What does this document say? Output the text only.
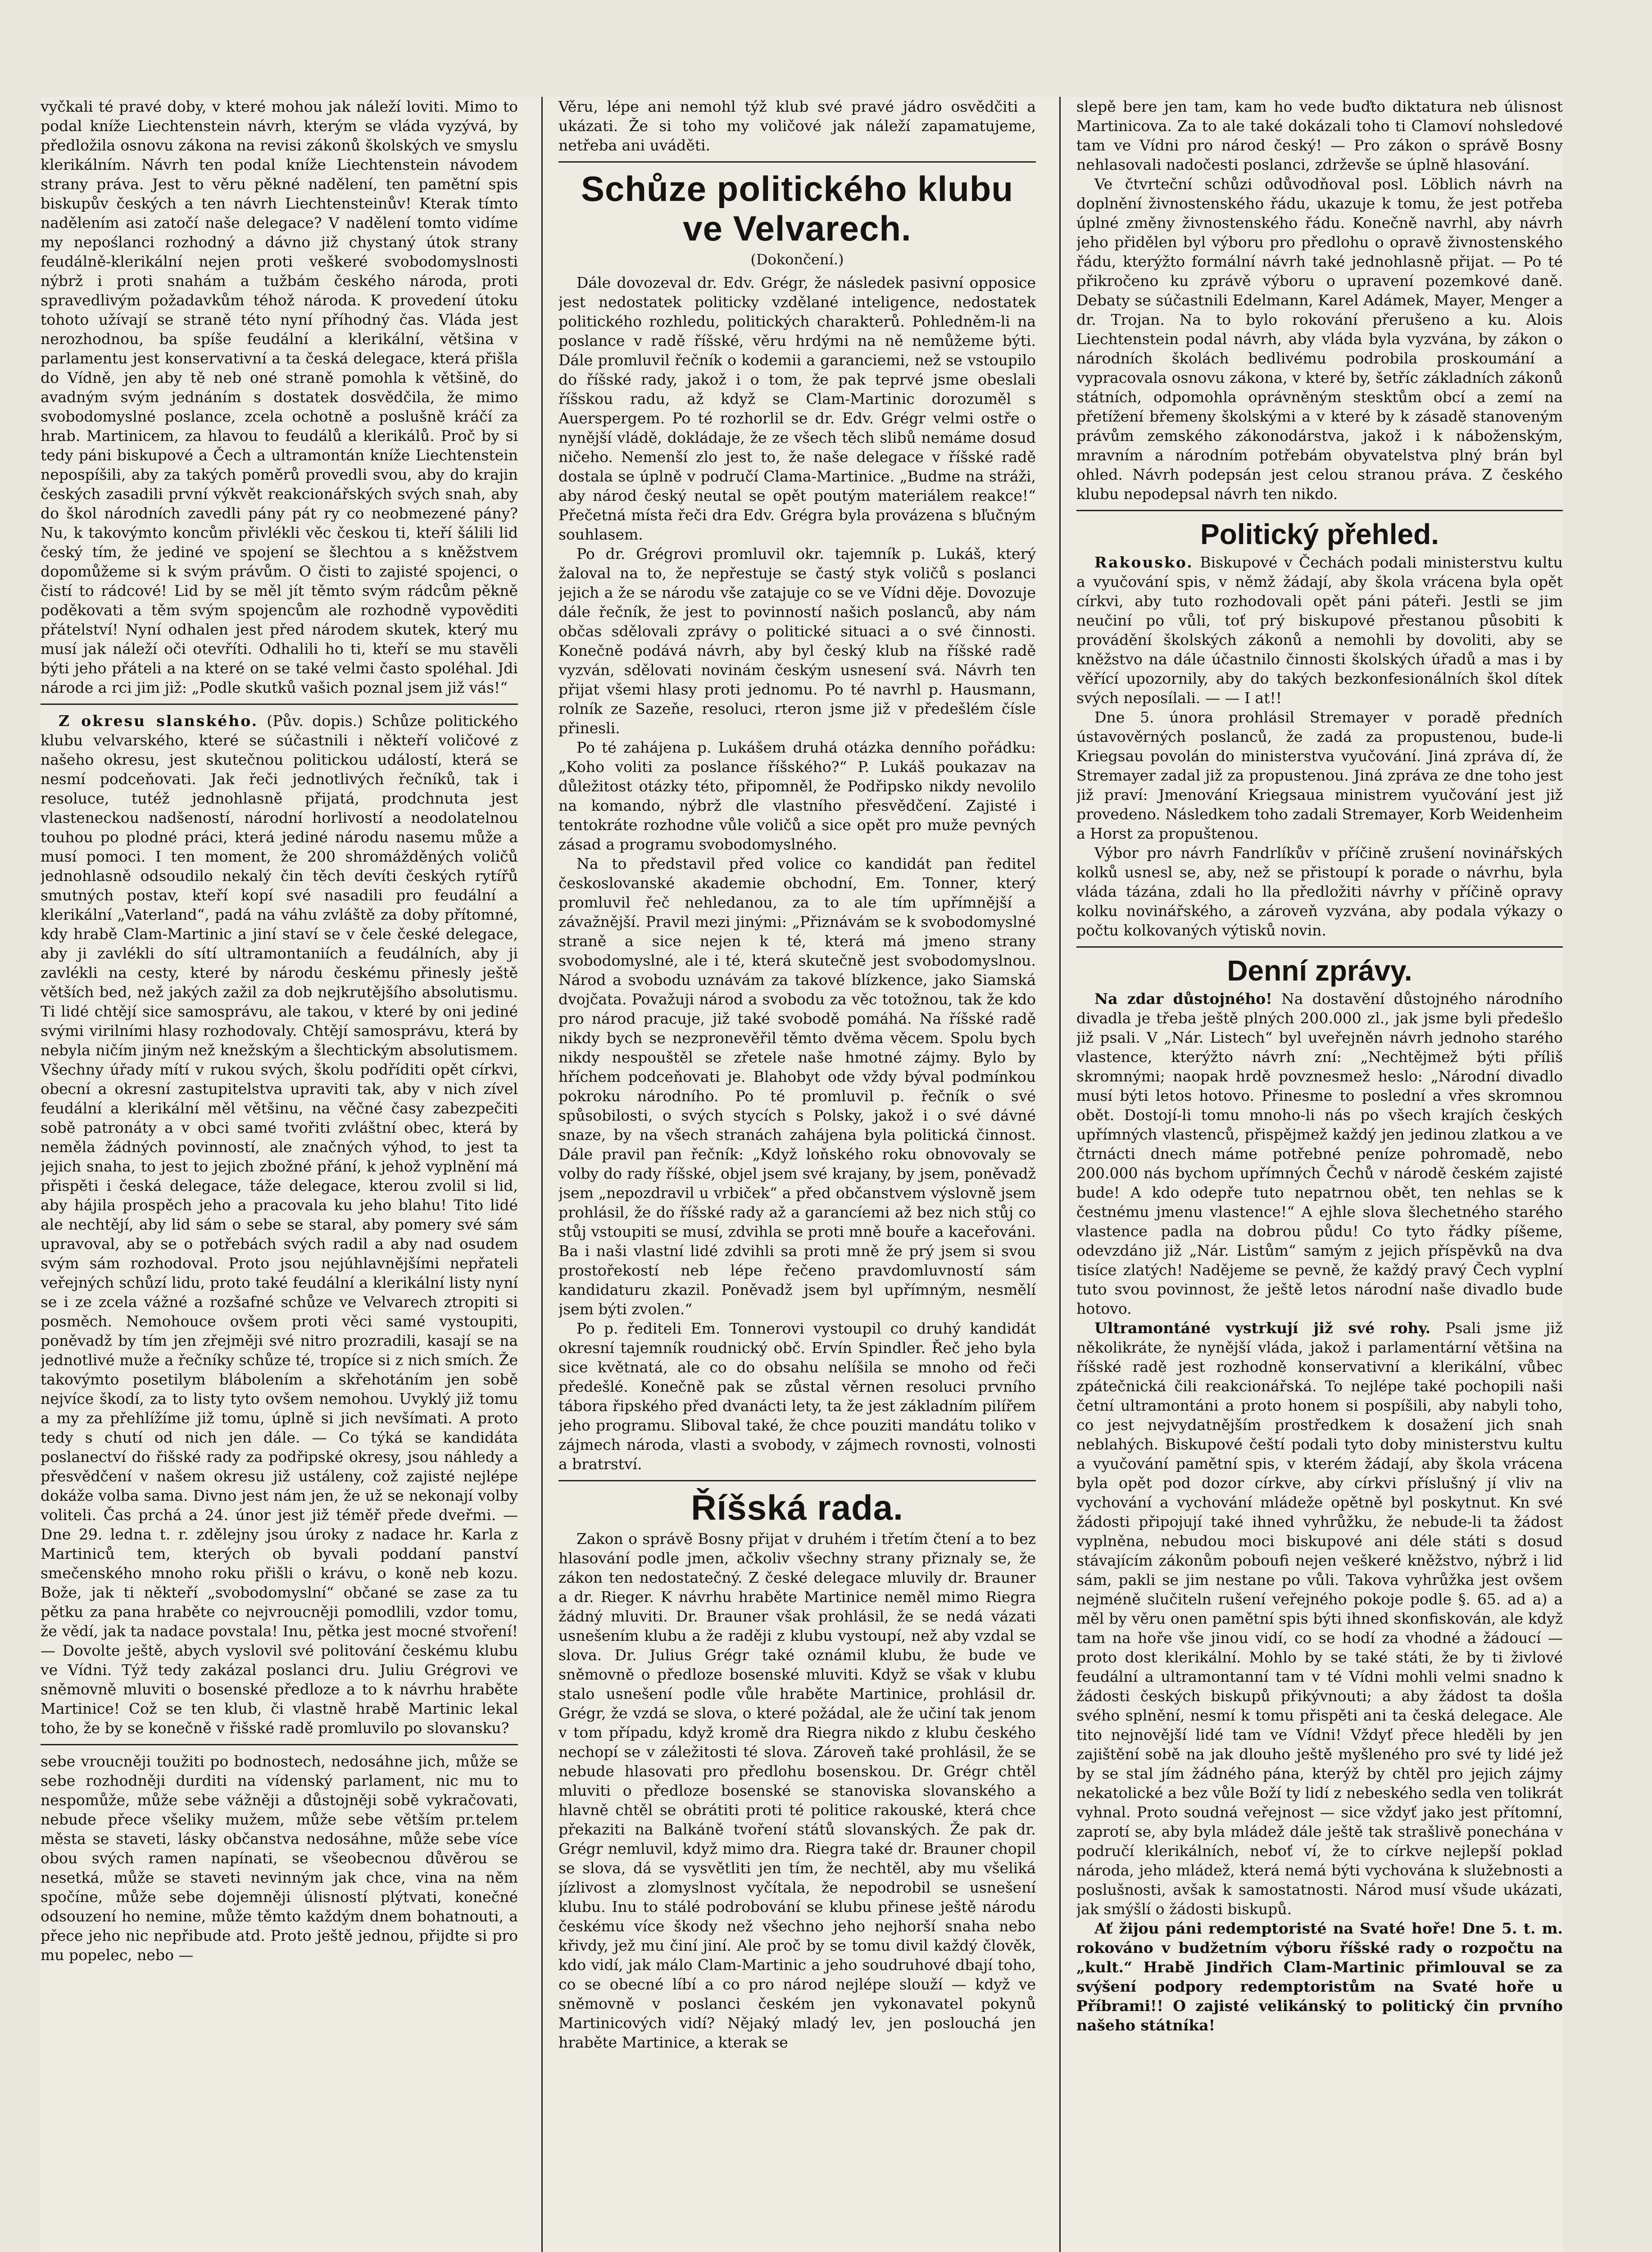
vyčkali té pravé doby, v které mohou jak náleží loviti. Mimo to podal kníže Liechtenstein návrh, kterým se vláda vyzývá, by předložila osnovu zákona na revisi zákonů školských ve smyslu klerikálním. Návrh ten podal kníže Liechtenstein návodem strany práva. Jest to věru pěkné nadělení, ten pamětní spis biskupův českých a ten návrh Liechtensteinův! Kterak tímto nadělením asi zatočí naše delegace? V nadělení tomto vidíme my nepoślanci rozhodný a dávno již chystaný útok strany feudálně-klerikální nejen proti veškeré svobodomyslnosti nýbrž i proti snahám a tužbám českého národa, proti spravedlivým požadavkům téhož národa. K provedení útoku tohoto užívají se straně této nyní příhodný čas. Vláda jest nerozhodnou, ba spíše feudální a klerikální, většina v parlamentu jest konservativní a ta česká delegace, která přišla do Vídně, jen aby tě neb oné straně pomohla k většině, do avadným svým jednáním s dostatek dosvědčila, že mimo svobodomyslné poslance, zcela ochotně a poslušně kráčí za hrab. Martinicem, za hlavou to feudálů a klerikálů. Proč by si tedy páni biskupové a Čech a ultramontán kníže Liechtenstein nepospíšili, aby za takých poměrů provedli svou, aby do krajin českých zasadili první výkvět reakcionářských svých snah, aby do škol národních zavedli pány pát ry co neobmezené pány? Nu, k takovýmto koncům přivlékli věc českou ti, kteří šálili lid český tím, že jediné ve spojení se šlechtou a s kněžstvem dopomůžeme si k svým právům. O čisti to zajisté spojenci, o čistí to rádcové! Lid by se měl jít těmto svým rádcům pěkně poděkovati a těm svým spojencům ale rozhodně vypověditi přátelství! Nyní odhalen jest před národem skutek, který mu musí jak náleží oči otevříti. Odhalili ho ti, kteří se mu stavěli býti jeho přáteli a na které on se také velmi často spoléhal. Jdi národe a rci jim již: „Podle skutků vašich poznal jsem již vás!“

Z okresu slanského. (Pův. dopis.) Schůze politického klubu velvarského, které se súčastnili i někteří voličové z našeho okresu, jest skutečnou politickou událostí, která se nesmí podceňovati. Jak řeči jednotlivých řečníků, tak i resoluce, tutéž jednohlasně přijatá, prodchnuta jest vlastenеckou nadšeností, národní horlivostí a neodolatelnou touhou po plodné práci, která jediné národu nasemu může a musí pomoci. I ten moment, že 200 shromážděných voličů jednohlasně odsoudilo nekalý čin těch devíti českých rytířů smutných postav, kteří kopí své nasadili pro feudální a klerikální „Vaterland“, padá na váhu zvláště za doby přítomné, kdy hrabě Clam-Martinic a jiní staví se v čele české delegace, aby ji zavlékli do sítí ultramontaniích a feudálních, aby ji zavlékli na cesty, které by národu českému přinesly ještě větších bed, než jakých zažil za dob nejkrutějšího absolutismu. Ti lidé chtějí sice samosprávu, ale takou, v které by oni jediné svými virilními hlasy rozhodovaly. Chtějí samosprávu, která by nebyla ničím jiným než knežským a šlechtickým absolutismem. Všechny úřady mítí v rukou svých, školu podříditi opět církvi, obecní a okresní zastupitelstva upraviti tak, aby v nich zível feudální a klerikální měl většinu, na věčné časy zabezpečiti sobě patronáty a v obci samé tvořiti zvláštní obec, která by neměla žádných povinností, ale značných výhod, to jest ta jejich snaha, to jest to jejich zbožné přání, k jehož vyplnění má přispěti i česká delegace, táže delegace, kterou zvolil si lid, aby hájila prospěch jeho a pracovala ku jeho blahu! Tito lidé ale nechtějí, aby lid sám o sebe se staral, aby pomery své sám upravoval, aby se o potřebách svých radil a aby nad osudem svým sám rozhodoval. Proto jsou nejúhlavnějšími nepřateli veřejných schůzí lidu, proto také feudální a klerikální listy nyní se i ze zcela vážné a rozšafné schůze ve Velvarech ztropiti si posměch. Nemohouce ovšem proti věci samé vystoupiti, poněvadž by tím jen zřejměji své nitro prozradili, kasají se na jednotlivé muže a řečníky schůze té, tropíce si z nich smích. Že takovýmto posetilym blábolením a skřehotáním jen sobě nejvíce škodí, za to listy tyto ovšem nemohou. Uvyklý již tomu a my za přehlížíme již tomu, úplně si jich nevšímati. A proto tedy s chutí od nich jen dále. — Co týká se kandidáta poslanectví do řišské rady za podřipské okresy, jsou náhledy a přesvědčení v našem okresu již ustáleny, což zajisté nejlépe dokáže volba sama. Divno jest nám jen, že už se nekonají volby voliteli. Čas prchá a 24. únor jest již téměř přede dveřmi. — Dne 29. ledna t. r. zdělejny jsou úroky z nadace hr. Karla z Martiniců tem, kterých ob byvali poddaní panství smečenského mnoho roku přišli o krávu, o koně neb kozu. Bože, jak ti někteří „svobodomyslní“ občané se zase za tu pětku za pana hraběte co nejvroucněji pomodlili, vzdor tomu, že vědí, jak ta nadace povstala! Inu, pětka jest mocné stvoření! — Dovolte ještě, abych vyslovil své politování českému klubu ve Vídni. Týž tedy zakázal poslanci dru. Juliu Grégrovi ve sněmovně mluviti o bosenské předloze a to k návrhu hraběte Martinice! Což se ten klub, či vlastně hrabě Martinic lekal toho, že by se konečně v řišské radě promluvilo po slovansku?

sebe vroucněji toužiti po bodnostech, nedosáhne jich, může se sebe rozhodněji durditi na vídenský parlament, nic mu to nespomůže, může sebe vážněji a důstojněji sobě vykračovati, nebude přece všeliky mužem, může sebe větším pr.telem města se staveti, lásky občanstva nedosáhne, může sebe více obou svých ramen napínati, se všeobecnou důvěrou se nesetká, může se staveti nevinným jak chce, vina na něm spočíne, může sebe dojemněji úlisností plýtvati, konečné odsouzení ho nemine, může těmto každým dnem bohatnouti, a přece jeho nic nepřibude atd. Proto ještě jednou, přijdte si pro mu popelec, nebo —

Věru, lépe ani nemohl týž klub své pravé jádro osvědčiti a ukázati. Že si toho my voličové jak náleží zapamatujeme, netřeba ani uváděti.

Schůze politického klubu ve Velvarech.
(Dokončení.)

Dále dovozeval dr. Edv. Grégr, že následek pasivní opposice jest nedostatek politicky vzdělané inteligence, nedostatek politického rozhledu, politických charakterů. Pohledněm-li na poslance v radě říšské, věru hrdými na ně nemůžeme býti. Dále promluvil řečník o kodemii a garanciemi, než se vstoupilo do říšské rady, jakož i o tom, že pak teprvé jsme obeslali říšskou radu, až když se Clam-Martinic dorozuměl s Auerspergem. Po té rozhorlil se dr. Edv. Grégr velmi ostře o nynější vládě, dokládaje, že ze všech těch slibů nemáme dosud ničeho. Nemenší zlo jest to, že naše delegace v říšské radě dostala se úplně v područí Clama-Martinice. „Budme na stráži, aby národ český neutal se opět poutým materiálem reakce!“ Přečetná místa řeči dra Edv. Grégra byla provázena s bľučným souhlasem.

Po dr. Grégrovi promluvil okr. tajemník p. Lukáš, který žaloval na to, že nepřestuje se častý styk voličů s poslanci jejich a že se národu vše zatajuje co se ve Vídni děje. Dovozuje dále řečník, že jest to povinností našich poslanců, aby nám občas sdělovali zprávy o politické situaci a o své činnosti. Konečně podává návrh, aby byl český klub na říšské radě vyzván, sdělovati novinám českým usnesení svá. Návrh ten přijat všemi hlasy proti jednomu. Po té navrhl p. Hausmann, rolník ze Sazeňe, resoluci, rteron jsme již v předešlém čísle přinesli.

Po té zahájena p. Lukášem druhá otázka denního pořádku: „Koho voliti za poslance říšského?“ P. Lukáš poukazav na důležitost otázky této, připomněl, že Podřipsko nikdy nevolilo na komando, nýbrž dle vlastního přesvědčení. Zajisté i tentokráte rozhodne vůle voličů a sice opět pro muže pevných zásad a programu svobodomyslného.

Na to představil před volice co kandidát pan ředitel českoslovanské akademie obchodní, Em. Tonner, který promluvil řeč nehledanou, za to ale tím upřímnější a závažnější. Pravil mezi jinými: „Přiznávám se k svobodomyslné straně a sice nejen k té, která má jmeno strany svobodomyslné, ale i té, která skutečně jest svobodomyslnou. Národ a svobodu uznávám za takové blízkence, jako Siamská dvojčata. Považuji národ a svobodu za věc totožnou, tak že kdo pro národ pracuje, již také svobodě pomáhá. Na říšské radě nikdy bych se nezpronevěřil těmto dvěma věcem. Spolu bych nikdy nespouštěl se zřetele naše hmotné zájmy. Bylo by hříchem podceňovati je. Blahobyt ode vždy býval podmínkou pokroku národního. Po té promluvil p. řečník o své spůsobilosti, o svých stycích s Polsky, jakož i o své dávné snaze, by na všech stranách zahájena byla politická činnost. Dále pravil pan řečník: „Když loňského roku obnovovaly se volby do rady říšské, objel jsem své krajany, by jsem, poněvadž jsem „nepozdravil u vrbiček“ a před občanstvem výslovně jsem prohlásil, že do říšské rady až a garancíemi až bez nich stůj co stůj vstoupiti se musí, zdvihla se proti mně bouře a kaceřováni. Ba i naši vlastní lidé zdvihli sa proti mně že prý jsem si svou prostořekostí neb lépe řečeno pravdomluvností sám kandidaturu zkazil. Poněvadž jsem byl upřímným, nesmělí jsem býti zvolen.“

Po p. řediteli Em. Tonnerovi vystoupil co druhý kandidát okresní tajemník roudnický obč. Ervín Spindler. Řeč jeho byla sice květnatá, ale co do obsahu nelíšila se mnoho od řeči předešlé. Konečně pak se zůstal věrnen resoluci prvního tábora řipského před dvanácti lety, ta že jest základním pilířem jeho programu. Sliboval také, že chce pouziti mandátu toliko v zájmech národa, vlasti a svobody, v zájmech rovnosti, volnosti a bratrství.

Říšská rada.

Zakon o správě Bosny přijat v druhém i třetím čtení a to bez hlasování podle jmen, ačkoliv všechny strany přiznaly se, že zákon ten nedostatečný. Z české delegace mluvily dr. Brauner a dr. Rieger. K návrhu hraběte Martinice neměl mimo Riegra žádný mluviti. Dr. Brauner však prohlásil, že se nedá vázati usnešením klubu a že raději z klubu vystoupí, než aby vzdal se slova. Dr. Julius Grégr také oznámil klubu, že bude ve sněmovně o předloze bosenské mluviti. Když se však v klubu stalo usnešení podle vůle hraběte Martinice, prohlásil dr. Grégr, že vzdá se slova, o které požádal, ale že učiní tak jenom v tom případu, když kromě dra Riegra nikdo z klubu českého nechopí se v záležitosti té slova. Zároveň také prohlásil, že se nebude hlasovati pro předlohu bosenskou. Dr. Grégr chtěl mluviti o předloze bosenské se stanoviska slovanského a hlavně chtěl se obrátiti proti té politice rakouské, která chce překaziti na Balkáně tvoření států slovanských. Že pak dr. Grégr nemluvil, když mimo dra. Riegra také dr. Brauner chopil se slova, dá se vysvětliti jen tím, že nechtěl, aby mu všeliká jízlivost a zlomyslnost vyčítala, že nepodrobil se usnešení klubu. Inu to stálé podrobování se klubu přinese ještě národu českému více škody než všechno jeho nejhorší snaha nebo křivdy, jež mu činí jiní. Ale proč by se tomu divil každý člověk, kdo vidí, jak málo Clam-Martinic a jeho soudruhové dbají toho, co se obecné líbí a co pro národ nejlépe slouží — když ve sněmovně v poslanci českém jen vykonavatel pokynů Martinicových vidí? Nějaký mladý lev, jen poslouchá jen hraběte Martinice, a kterak se

slepě bere jen tam, kam ho vede buďto diktatura neb úlisnost Martinicova. Za to ale také dokázali toho ti Clamoví nohsledové tam ve Vídni pro národ český! — Pro zákon o správě Bosny nehlasovali nadočesti poslanci, zdrževše se úplně hlasování.

Ve čtvrteční schůzi odůvodňoval posl. Löblich návrh na doplnění živnostenského řádu, ukazuje k tomu, že jest potřeba úplné změny živnostenského řádu. Konečně navrhl, aby návrh jeho přidělen byl výboru pro předlohu o opravě živnostenského řádu, kterýžto formální návrh také jednohlasně přijat. — Po té přikročeno ku zprávě výboru o upravení pozemkové daně. Debaty se súčastnili Edelmann, Karel Adámek, Mayer, Menger a dr. Trojan. Na to bylo rokování přerušeno a ku. Alois Liechtenstein podal návrh, aby vláda byla vyzvána, by zákon o národních školách bedlivému podrobila proskoumání a vypracovala osnovu zákona, v které by, šetříc základních zákonů státních, odpomohla oprávněným stesktům obcí a zemí na přetížení břemeny školskými a v které by k zásadě stanoveným právům zemského zákonodárstva, jakož i k náboženským, mravním a národním potřebám obyvatelstva plný brán byl ohled. Návrh podepsán jest celou stranou práva. Z českého klubu nepodepsal návrh ten nikdo.

Politický přehled.

Rakousko. Biskupové v Čechách podali ministerstvu kultu a vyučování spis, v němž žádají, aby škola vrácena byla opět církvi, aby tuto rozhodovali opět páni páteři. Jestli se jim neučiní po vůli, toť prý biskupové přestanou působiti k provádění školských zákonů a nemohli by dovoliti, aby se kněžstvo na dále účastnilo činnosti školských úřadů a mas i by věřící upozornily, aby do takých bezkonfesionálních škol dítek svých neposílali. — — I at!!

Dne 5. února prohlásil Stremayer v poradě předních ústavověrných poslanců, že zadá za propustenou, bude-li Kriegsau povolán do ministerstva vyučování. Jiná zpráva dí, že Stremayer zadal již za propustenou. Jiná zpráva ze dne toho jest již praví: Jmenování Kriegsaua ministrem vyučování jest již provedeno. Následkem toho zadali Stremayer, Korb Weidenheim a Horst za propuštenou.

Výbor pro návrh Fandrlíkův v příčině zrušení novinářských kolků usnesl se, aby, než se přistoupí k porade o návrhu, byla vláda tázána, zdali ho lla předložiti návrhy v příčině opravy kolku novinářského, a zároveň vyzvána, aby podala výkazy o počtu kolkovaných výtisků novin.

Denní zprávy.

Na zdar důstojného! Na dostavění důstojného národního divadla je třeba ještě plných 200.000 zl., jak jsme byli předešlo již psali. V „Nár. Listech“ byl uveřejněn návrh jednoho starého vlastence, kterýžto návrh zní: „Nechtějmež býti příliš skromnými; naopak hrdě povznesmež heslo: „Národní divadlo musí býti letos hotovo. Přinesme to poslední a vřes skromnou obět. Dostojí-li tomu mnoho-li nás po všech krajích českých upřímných vlastenců, přispějmež každý jen jedinou zlatkou a ve čtrnácti dnech máme potřebné peníze pohromadě, nebo 200.000 nás bychom upřímných Čechů v národě českém zajisté bude! A kdo odepře tuto nepatrnou obět, ten nehlas se k čestnému jmenu vlastence!“ A ejhle slova šlechetného starého vlastence padla na dobrou půdu! Co tyto řádky píšeme, odevzdáno již „Nár. Listům“ samým z jejich příspěvků na dva tisíce zlatých! Nadějeme se pevně, že každý pravý Čech vyplní tuto svou povinnost, že ještě letos národní naše divadlo bude hotovo.

Ultramontáné vystrkují již své rohy. Psali jsme již několikráte, že nynější vláda, jakož i parlamentární většina na říšské radě jest rozhodně konservativní a klerikální, vůbec zpátečnická čili reakcionářská. To nejlépe také pochopili naši četní ultramontáni a proto honem si pospíšili, aby nabyli toho, co jest nejvydatnějším prostředkem k dosažení jich snah neblahých. Biskupové čeští podali tyto doby ministerstvu kultu a vyučování pamětní spis, v kterém žádají, aby škola vrácena byla opět pod dozor církve, aby církvi příslušný jí vliv na vychování a vychování mládeže opětně byl poskytnut. Kn své žádosti připojují také ihned vyhrůžku, že nebude-li ta žádost vyplněna, nebudou moci biskupové ani déle státi s dosud stávajícím zákonům poboufi nejen veškeré kněžstvo, nýbrž i lid sám, pakli se jim nestane po vůli. Takova vyhrůžka jest ovšem nejméně slučiteln rušení veřejného pokoje podle §. 65. ad a) a měl by věru onen pamětní spis býti ihned skonfiskován, ale když tam na hoře vše jinou vidí, co se hodí za vhodné a žádoucí — proto dost klerikální. Mohlo by se také státi, že by ti živlové feudální a ultramontanní tam v té Vídni mohli velmi snadno k žádosti českých biskupů přikývnouti; a aby žádost ta došla svého splnění, nesmí k tomu přispěti ani ta česká delegace. Ale tito nejnovější lidé tam ve Vídni! Vždyť přece hleděli by jen zajištění sobě na jak dlouho ještě myšleného pro své ty lidé jež by se stal jím žádného pána, kterýž by chtěl pro jejich zájmy nekatolické a bez vůle Boží ty lidí z nebeského sedla ven tolikrát vyhnal. Proto soudná veřejnost — sice vždyť jako jest přítomní, zaprotí se, aby byla mládež dále ještě tak strašlivě ponechána v područí klerikálních, neboť ví, že to církve nejlepší poklad národa, jeho mládež, která nemá býti vychována k služebnosti a poslušnosti, avšak k samostatnosti. Národ musí všude ukázati, jak smýšlí o žádosti biskupů.

Ať žijou páni redemptoristé na Svaté hoře! Dne 5. t. m. rokováno v budžetním výboru říšské rady o rozpočtu na „kult.“ Hrabě Jindřich Clam-Martinic přimlouval se za svýšení podpory redemptoristům na Svaté hoře u Příbrami!! O zajisté velikánský to politický čin prvního našeho státníka!
